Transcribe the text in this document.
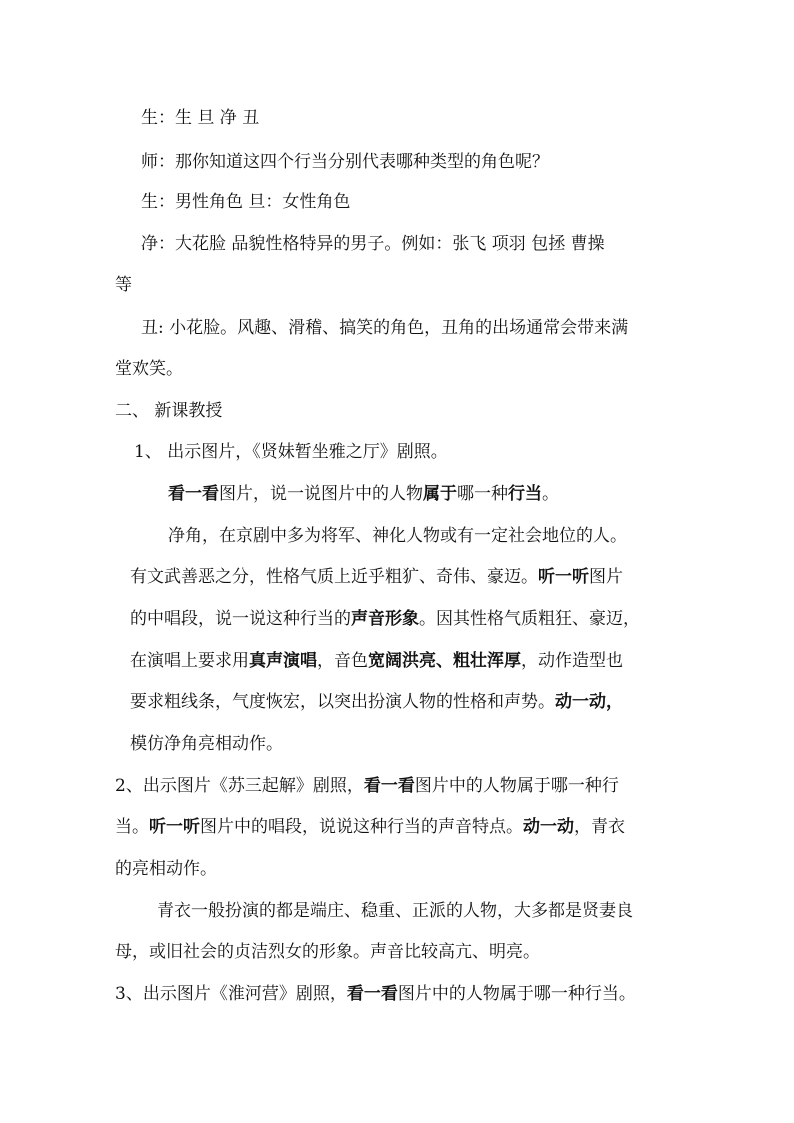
生：生 旦 净 丑
师：那你知道这四个行当分别代表哪种类型的角色呢？
生：男性角色 旦：女性角色
净：大花脸 品貌性格特异的男子。例如：张飞 项羽 包拯 曹操
等
丑: 小花脸。风趣、滑稽、搞笑的角色，丑角的出场通常会带来满
堂欢笑。
二、 新课教授
1、 出示图片，《贤妹暂坐雅之厅》剧照。
看一看图片，说一说图片中的人物属于哪一种行当。
净角，在京剧中多为将军、神化人物或有一定社会地位的人。
有文武善恶之分，性格气质上近乎粗犷、奇伟、豪迈。听一听图片
的中唱段，说一说这种行当的声音形象。因其性格气质粗狂、豪迈，
在演唱上要求用真声演唱，音色宽阔洪亮、粗壮浑厚，动作造型也
要求粗线条，气度恢宏，以突出扮演人物的性格和声势。动一动，
模仿净角亮相动作。
2、出示图片《苏三起解》剧照，看一看图片中的人物属于哪一种行
当。听一听图片中的唱段，说说这种行当的声音特点。动一动，青衣
的亮相动作。
青衣一般扮演的都是端庄、稳重、正派的人物，大多都是贤妻良
母，或旧社会的贞洁烈女的形象。声音比较高亢、明亮。
3、出示图片《淮河营》剧照，看一看图片中的人物属于哪一种行当。
